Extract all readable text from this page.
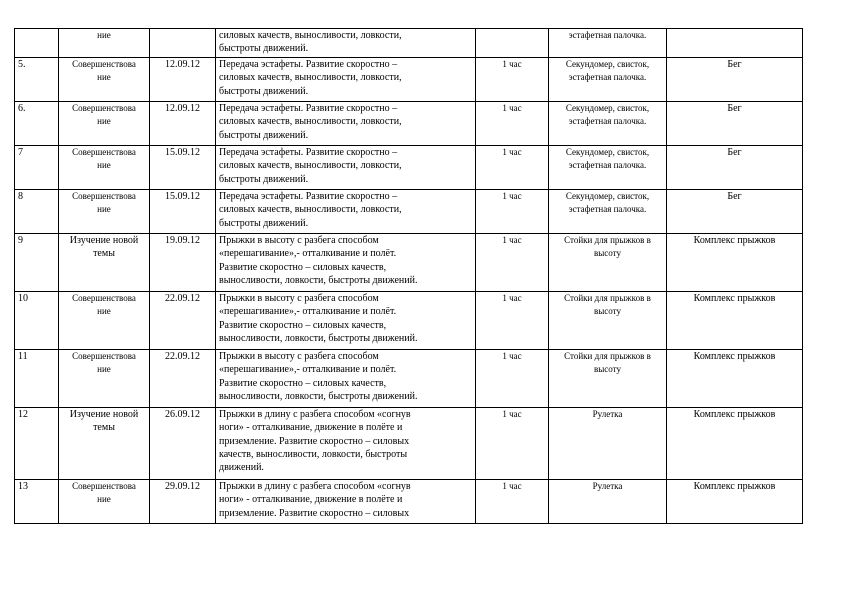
	ние		силовых качеств, выносливости, ловкости,
быстроты движений.		эстафетная палочка.	

5.	Совершенствова
ние	12.09.12	Передача эстафеты. Развитие скоростно –
силовых качеств, выносливости, ловкости,
быстроты движений.	1 час	Секундомер, свисток,
эстафетная палочка.	Бег
6.	Совершенствова
ние	12.09.12	Передача эстафеты. Развитие скоростно –
силовых качеств, выносливости, ловкости,
быстроты движений.	1 час	Секундомер, свисток,
эстафетная палочка.	Бег
7	Совершенствова
ние	15.09.12	Передача эстафеты. Развитие скоростно –
силовых качеств, выносливости, ловкости,
быстроты движений.	1 час	Секундомер, свисток,
эстафетная палочка.	Бег
8	Совершенствова
ние	15.09.12	Передача эстафеты. Развитие скоростно –
силовых качеств, выносливости, ловкости,
быстроты движений.	1 час	Секундомер, свисток,
эстафетная палочка.	Бег
9	Изучение новой
темы	19.09.12	Прыжки в высоту с разбега способом
«перешагивание»,- отталкивание и полёт.
Развитие скоростно – силовых качеств,
выносливости, ловкости, быстроты движений.	1 час	Стойки для прыжков в
высоту	Комплекс прыжков
10	Совершенствова
ние	22.09.12	Прыжки в высоту с разбега способом
«перешагивание»,- отталкивание и полёт.
Развитие скоростно – силовых качеств,
выносливости, ловкости, быстроты движений.	1 час	Стойки для прыжков в
высоту	Комплекс прыжков
11	Совершенствова
ние	22.09.12	Прыжки в высоту с разбега способом
«перешагивание»,- отталкивание и полёт.
Развитие скоростно – силовых качеств,
выносливости, ловкости, быстроты движений.	1 час	Стойки для прыжков в
высоту	Комплекс прыжков
12	Изучение новой
темы	26.09.12	Прыжки в длину с разбега способом «согнув
ноги» - отталкивание, движение в полёте и
приземление. Развитие скоростно – силовых
качеств, выносливости, ловкости, быстроты
движений.	1 час	Рулетка	Комплекс прыжков
13	Совершенствова
ние	29.09.12	Прыжки в длину с разбега способом «согнув
ноги» - отталкивание, движение в полёте и
приземление. Развитие скоростно – силовых	1 час	Рулетка	Комплекс прыжков
